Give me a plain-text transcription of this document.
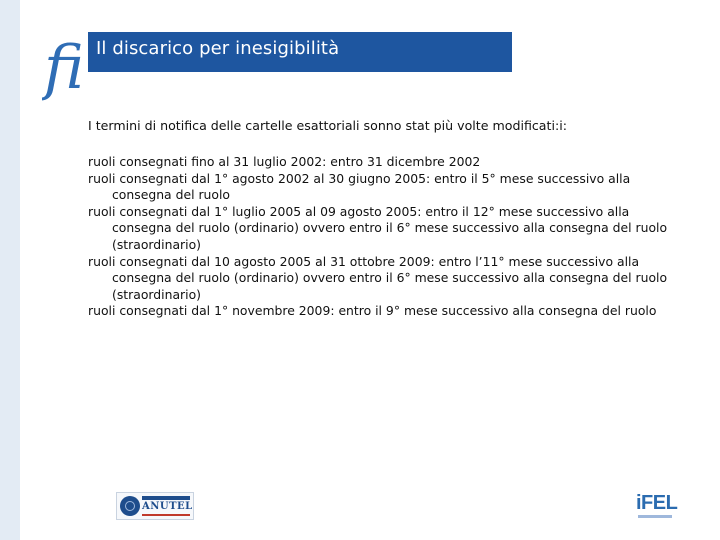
fi Il discarico per inesigibilità

I termini di notifica delle cartelle esattoriali sonno stat più volte modificati:i:

ruoli consegnati fino al 31 luglio 2002: entro 31 dicembre 2002
ruoli consegnati dal 1° agosto 2002 al 30 giugno 2005: entro il 5° mese successivo alla consegna del ruolo
ruoli consegnati dal 1° luglio 2005 al 09 agosto 2005: entro il 12° mese successivo alla consegna del ruolo (ordinario) ovvero entro il 6° mese successivo alla consegna del ruolo (straordinario)
ruoli consegnati dal 10 agosto 2005 al 31 ottobre 2009: entro l’11° mese successivo alla consegna del ruolo (ordinario) ovvero entro il 6° mese successivo alla consegna del ruolo (straordinario)
ruoli consegnati dal 1° novembre 2009: entro il 9° mese successivo alla consegna del ruolo
ANUTEL	iFEL
